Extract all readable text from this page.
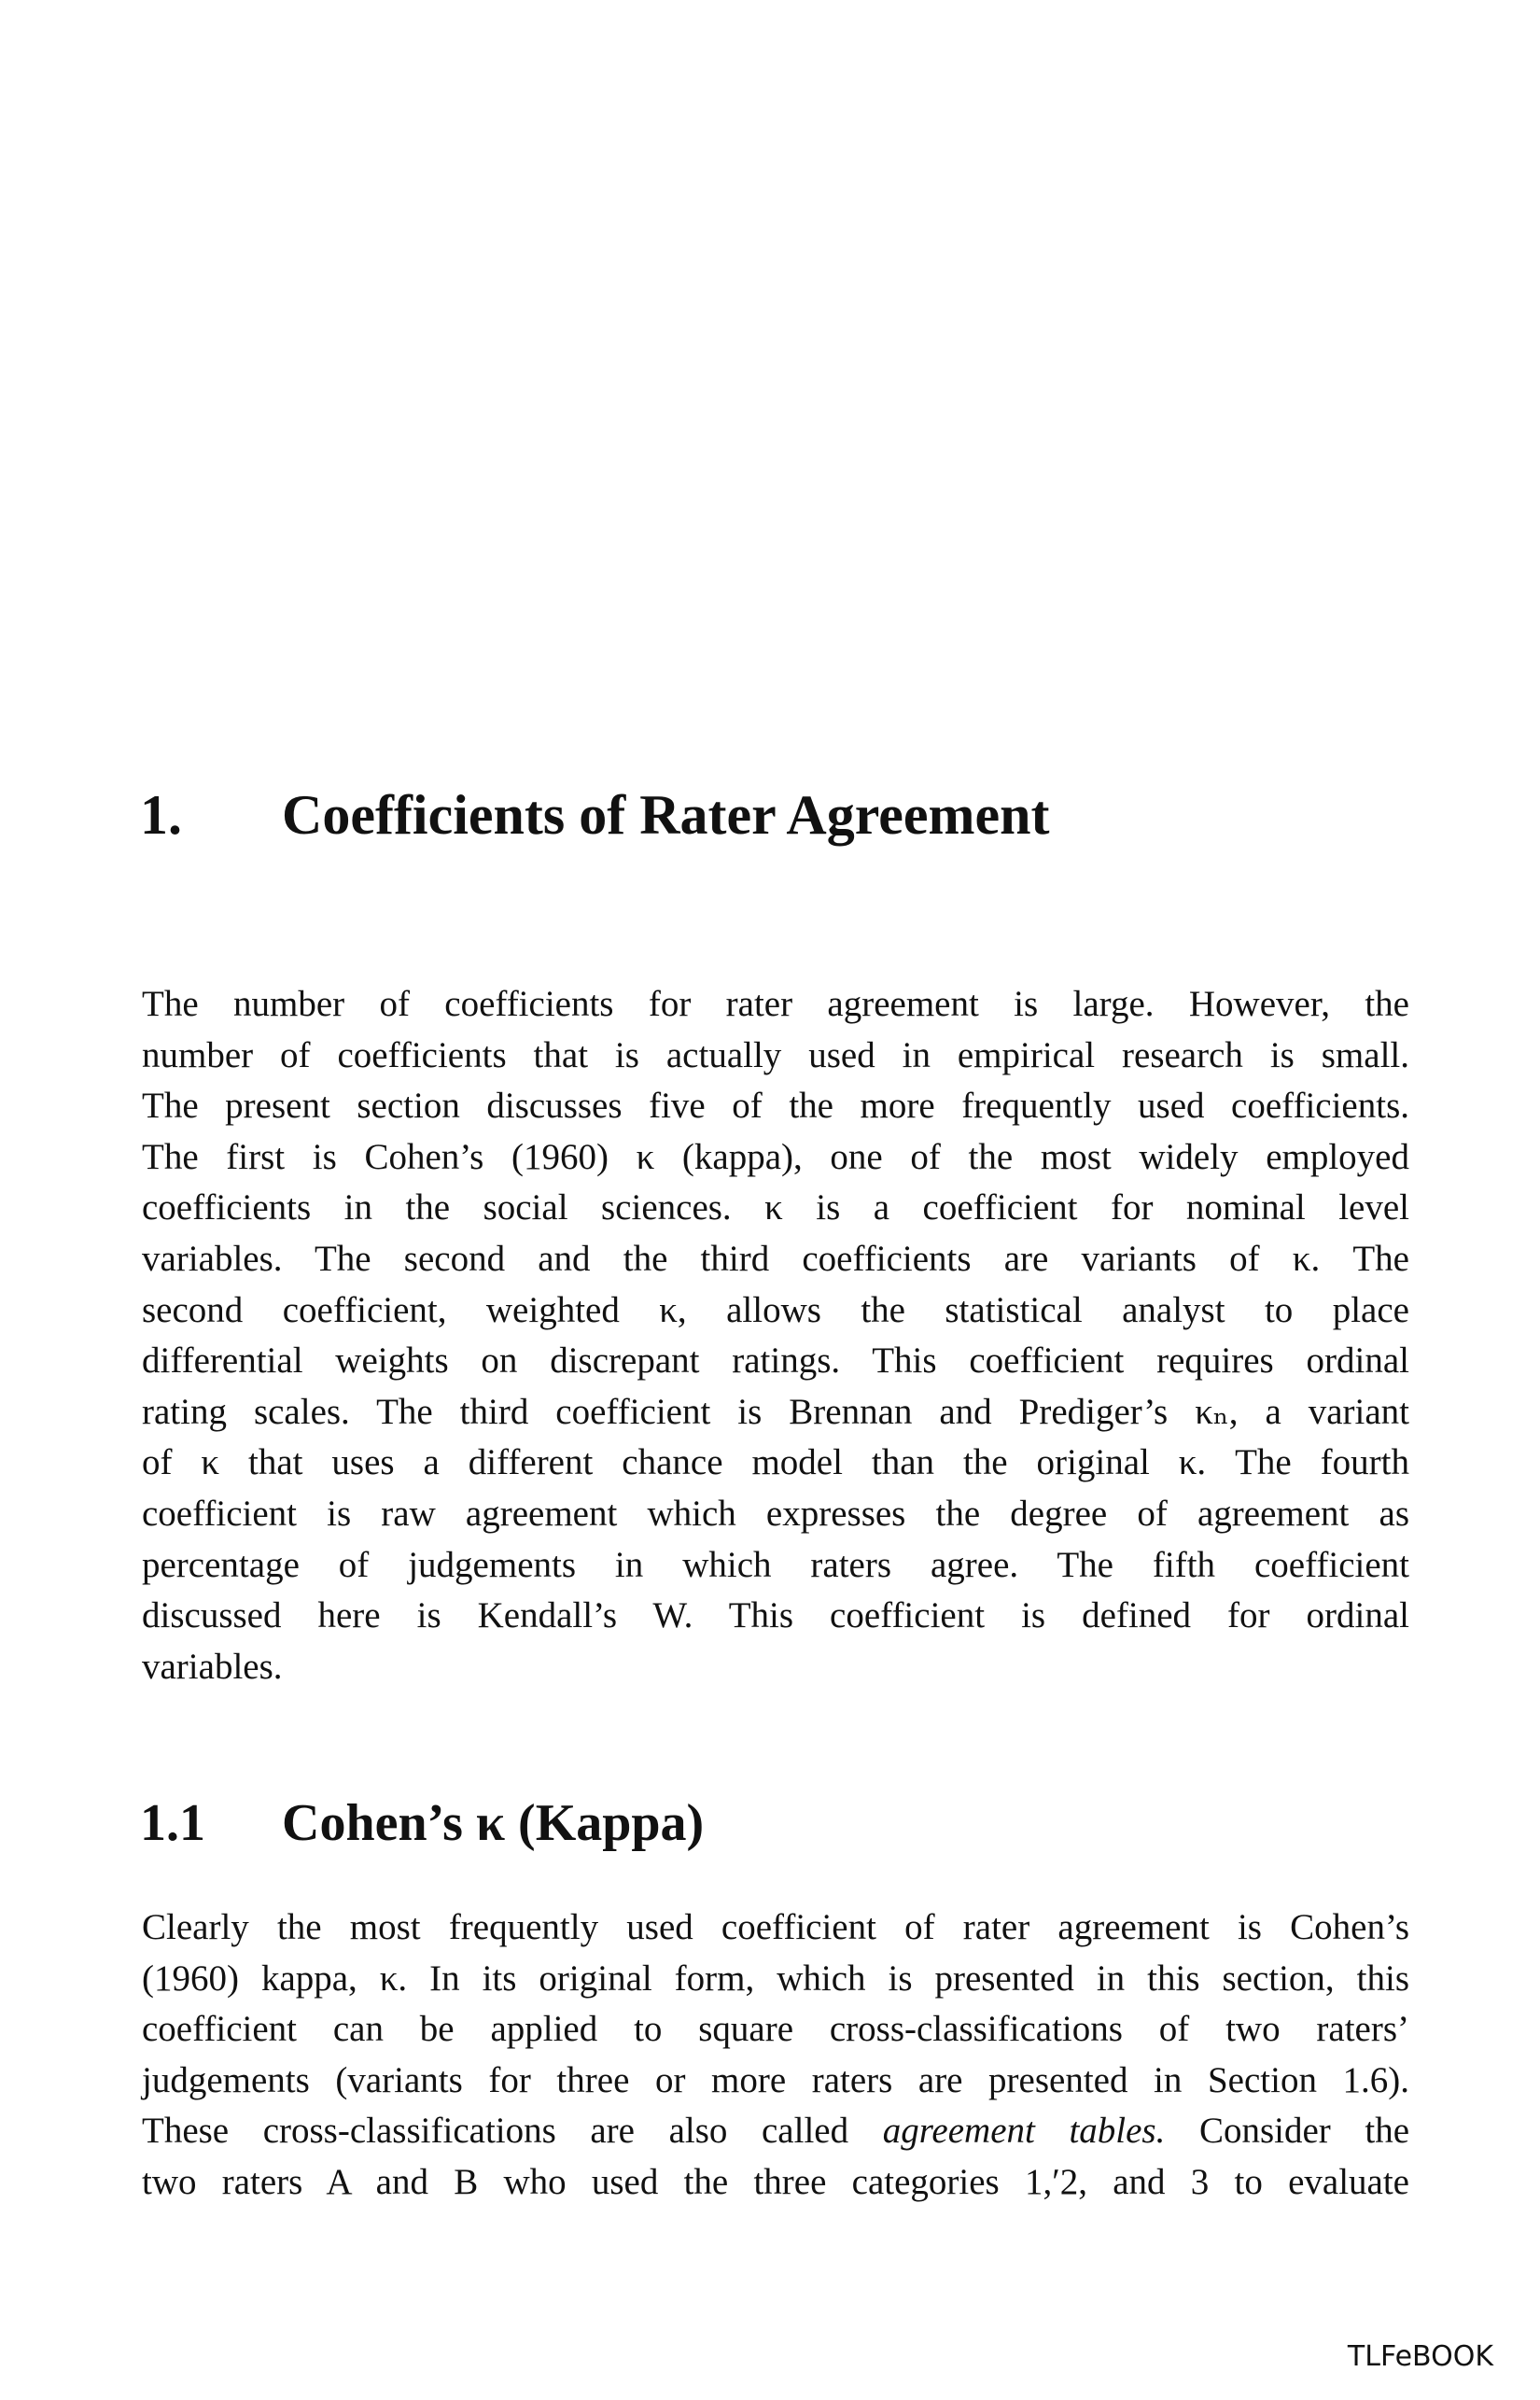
1. Coefficients of Rater Agreement
The number of coefficients for rater agreement is large. However, the
number of coefficients that is actually used in empirical research is small.
The present section discusses five of the more frequently used coefficients.
The first is Cohen’s (1960) κ (kappa), one of the most widely employed
coefficients in the social sciences. κ is a coefficient for nominal level
variables. The second and the third coefficients are variants of κ. The
second coefficient, weighted κ, allows the statistical analyst to place
differential weights on discrepant ratings. This coefficient requires ordinal
rating scales. The third coefficient is Brennan and Prediger’s κₙ, a variant
of κ that uses a different chance model than the original κ. The fourth
coefficient is raw agreement which expresses the degree of agreement as
percentage of judgements in which raters agree. The fifth coefficient
discussed here is Kendall’s W. This coefficient is defined for ordinal
variables.
1.1 Cohen’s κ (Kappa)
Clearly the most frequently used coefficient of rater agreement is Cohen’s
(1960) kappa, κ. In its original form, which is presented in this section, this
coefficient can be applied to square cross-classifications of two raters’
judgements (variants for three or more raters are presented in Section 1.6).
These cross-classifications are also called agreement tables. Consider the
two raters A and B who used the three categories 1,ʹ2, and 3 to evaluate
TLFeBOOK
